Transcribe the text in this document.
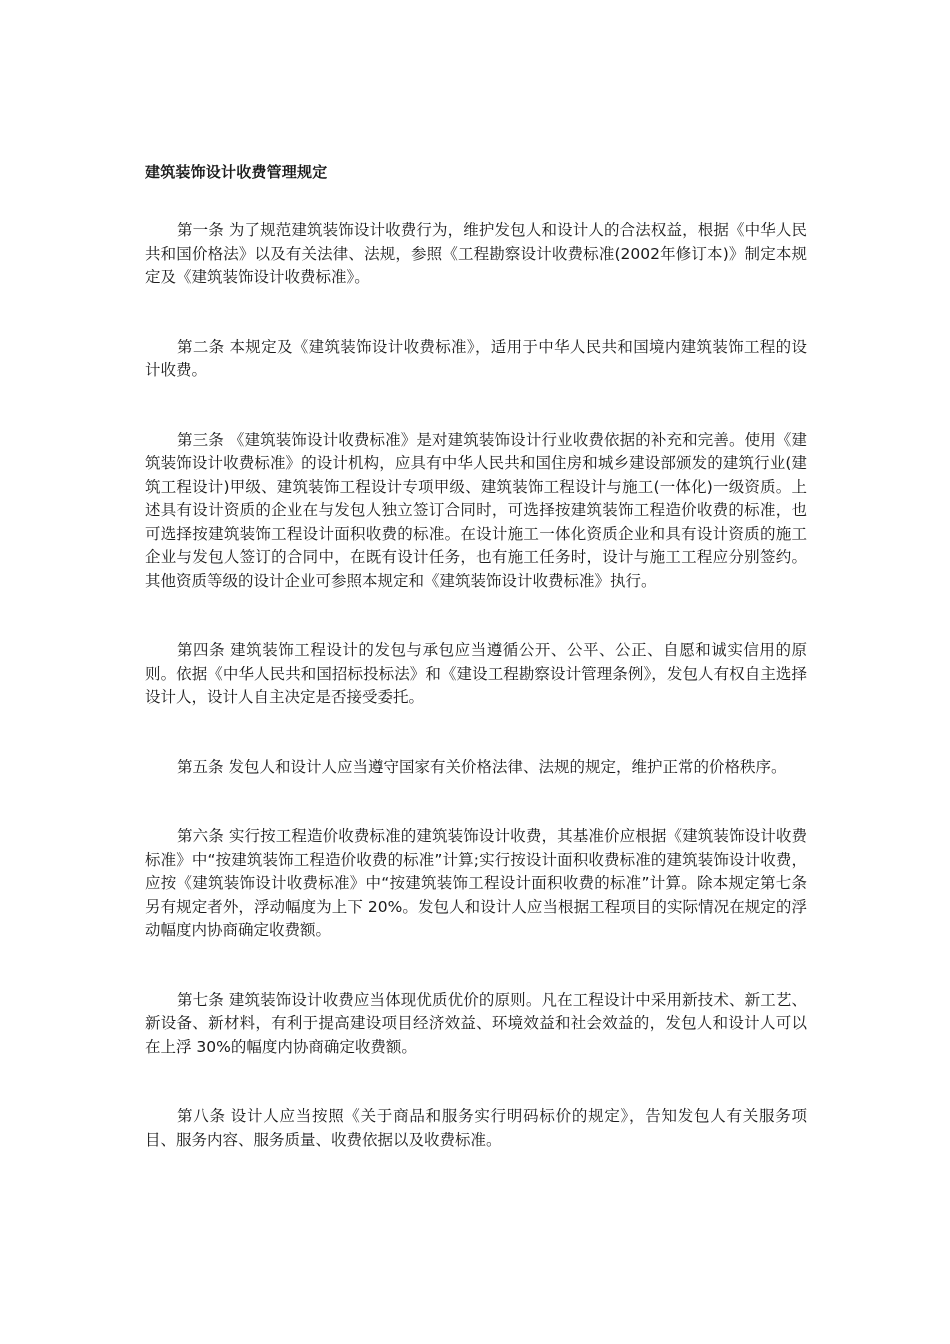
建筑装饰设计收费管理规定

第一条 为了规范建筑装饰设计收费行为，维护发包人和设计人的合法权益，根据《中华人民共和国价格法》以及有关法律、法规，参照《工程勘察设计收费标准(2002年修订本)》制定本规定及《建筑装饰设计收费标准》。

第二条 本规定及《建筑装饰设计收费标准》，适用于中华人民共和国境内建筑装饰工程的设计收费。

第三条 《建筑装饰设计收费标准》是对建筑装饰设计行业收费依据的补充和完善。使用《建筑装饰设计收费标准》的设计机构，应具有中华人民共和国住房和城乡建设部颁发的建筑行业(建筑工程设计)甲级、建筑装饰工程设计专项甲级、建筑装饰工程设计与施工(一体化)一级资质。上述具有设计资质的企业在与发包人独立签订合同时，可选择按建筑装饰工程造价收费的标准，也可选择按建筑装饰工程设计面积收费的标准。在设计施工一体化资质企业和具有设计资质的施工企业与发包人签订的合同中，在既有设计任务，也有施工任务时，设计与施工工程应分别签约。其他资质等级的设计企业可参照本规定和《建筑装饰设计收费标准》执行。

第四条 建筑装饰工程设计的发包与承包应当遵循公开、公平、公正、自愿和诚实信用的原则。依据《中华人民共和国招标投标法》和《建设工程勘察设计管理条例》，发包人有权自主选择设计人，设计人自主决定是否接受委托。

第五条 发包人和设计人应当遵守国家有关价格法律、法规的规定，维护正常的价格秩序。

第六条 实行按工程造价收费标准的建筑装饰设计收费，其基准价应根据《建筑装饰设计收费标准》中“按建筑装饰工程造价收费的标准”计算;实行按设计面积收费标准的建筑装饰设计收费，应按《建筑装饰设计收费标准》中“按建筑装饰工程设计面积收费的标准”计算。除本规定第七条另有规定者外，浮动幅度为上下 20%。发包人和设计人应当根据工程项目的实际情况在规定的浮动幅度内协商确定收费额。

第七条 建筑装饰设计收费应当体现优质优价的原则。凡在工程设计中采用新技术、新工艺、新设备、新材料，有利于提高建设项目经济效益、环境效益和社会效益的，发包人和设计人可以在上浮 30%的幅度内协商确定收费额。

第八条 设计人应当按照《关于商品和服务实行明码标价的规定》，告知发包人有关服务项目、服务内容、服务质量、收费依据以及收费标准。
